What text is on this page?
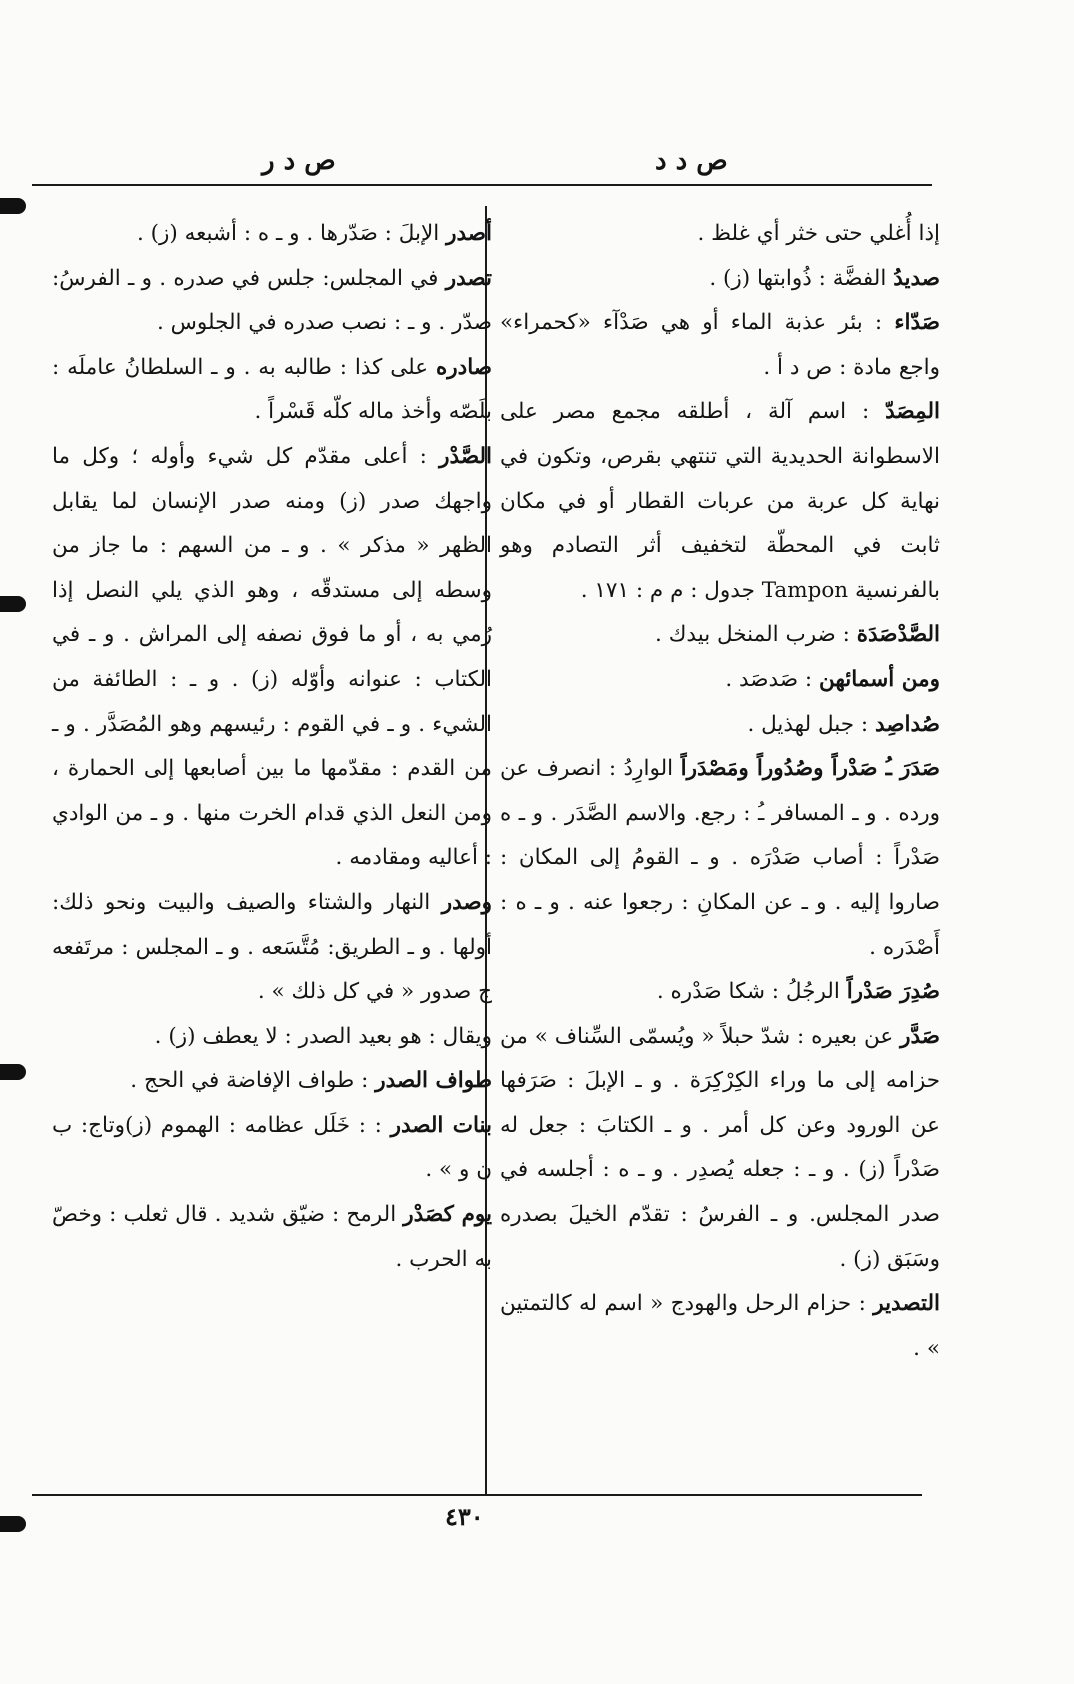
ص د د
ص د ر

إذا أُغلي حتى خثر أي غلظ .

صديدُ الفضَّة : ذُوابتها (ز) .

صَدّاء : بئر عذبة الماء أو هي صَدْآء «كحمراء» واجع مادة : ص د أ .

المِصَدّ : اسم آلة ، أطلقه مجمع مصر على الاسطوانة الحديدية التي تنتهي بقرص، وتكون في نهاية كل عربة من عربات القطار أو في مكان ثابت في المحطّة لتخفيف أثر التصادم وهو بالفرنسية Tampon جدول : م م : ١٧١ .

الصَّدْصَدَة : ضرب المنخل بيدك .

ومن أسمائهن : صَدصَد .

صُداصِد : جبل لهذيل .

صَدَرَ ـُ صَدْراً وصُدُوراً ومَصْدَراً الوارِدُ : انصرف عن ورده . و ـ المسافر ـُ : رجع. والاسم الصَّدَر . و ـ ه صَدْراً : أصاب صَدْرَه . و ـ القومُ إلى المكان : صاروا إليه . و ـ عن المكانِ : رجعوا عنه . و ـ ه : أَصْدَره .

صُدِرَ صَدْراً الرجُلُ : شكا صَدْره .

صَدَّر عن بعيره : شدّ حبلاً « ويُسمّى السِّناف » من حزامه إلى ما وراء الكِرْكِرَة . و ـ الإبلَ : صَرَفها عن الورود وعن كل أمر . و ـ الكتابَ : جعل له صَدْراً (ز) . و ـ : جعله يُصدِر . و ـ ه : أجلسه في صدر المجلس. و ـ الفرسُ : تقدّم الخيلَ بصدره وسَبَق (ز) .

التصدير : حزام الرحل والهودج « اسم له كالتمتين » .

أصدر الإبلَ : صَدّرها . و ـ ه : أشبعه (ز) .

تصدر في المجلس: جلس في صدره . و ـ الفرسُ: صدّر . و ـ : نصب صدره في الجلوس .

صادره على كذا : طالبه به . و ـ السلطانُ عاملَه : بلَصّه وأخذ ماله كلّه قَسْراً .

الصَّدْر : أعلى مقدّم كل شيء وأوله ؛ وكل ما واجهك صدر (ز) ومنه صدر الإنسان لما يقابل الظهر « مذكر » . و ـ من السهم : ما جاز من وسطه إلى مستدقّه ، وهو الذي يلي النصل إذا رُمي به ، أو ما فوق نصفه إلى المراش . و ـ في الكتاب : عنوانه وأوّله (ز) . و ـ : الطائفة من الشيء . و ـ في القوم : رئيسهم وهو المُصَدَّر . و ـ من القدم : مقدّمها ما بين أصابعها إلى الحمارة ، ومن النعل الذي قدام الخرت منها . و ـ من الوادي : أعاليه ومقادمه .

وصدر النهار والشتاء والصيف والبيت ونحو ذلك: أولها . و ـ الطريق: مُتَّسَعه . و ـ المجلس : مرتَفعه ج صدور « في كل ذلك » .

ويقال : هو بعيد الصدر : لا يعطف (ز) .

طواف الصدر : طواف الإفاضة في الحج .

بنات الصدر : : خَلَل عظامه : الهموم (ز)وتاج: ب ن و » .

يوم كصَدْر الرمح : ضيّق شديد . قال ثعلب : وخصّ به الحرب .

٤٣٠
